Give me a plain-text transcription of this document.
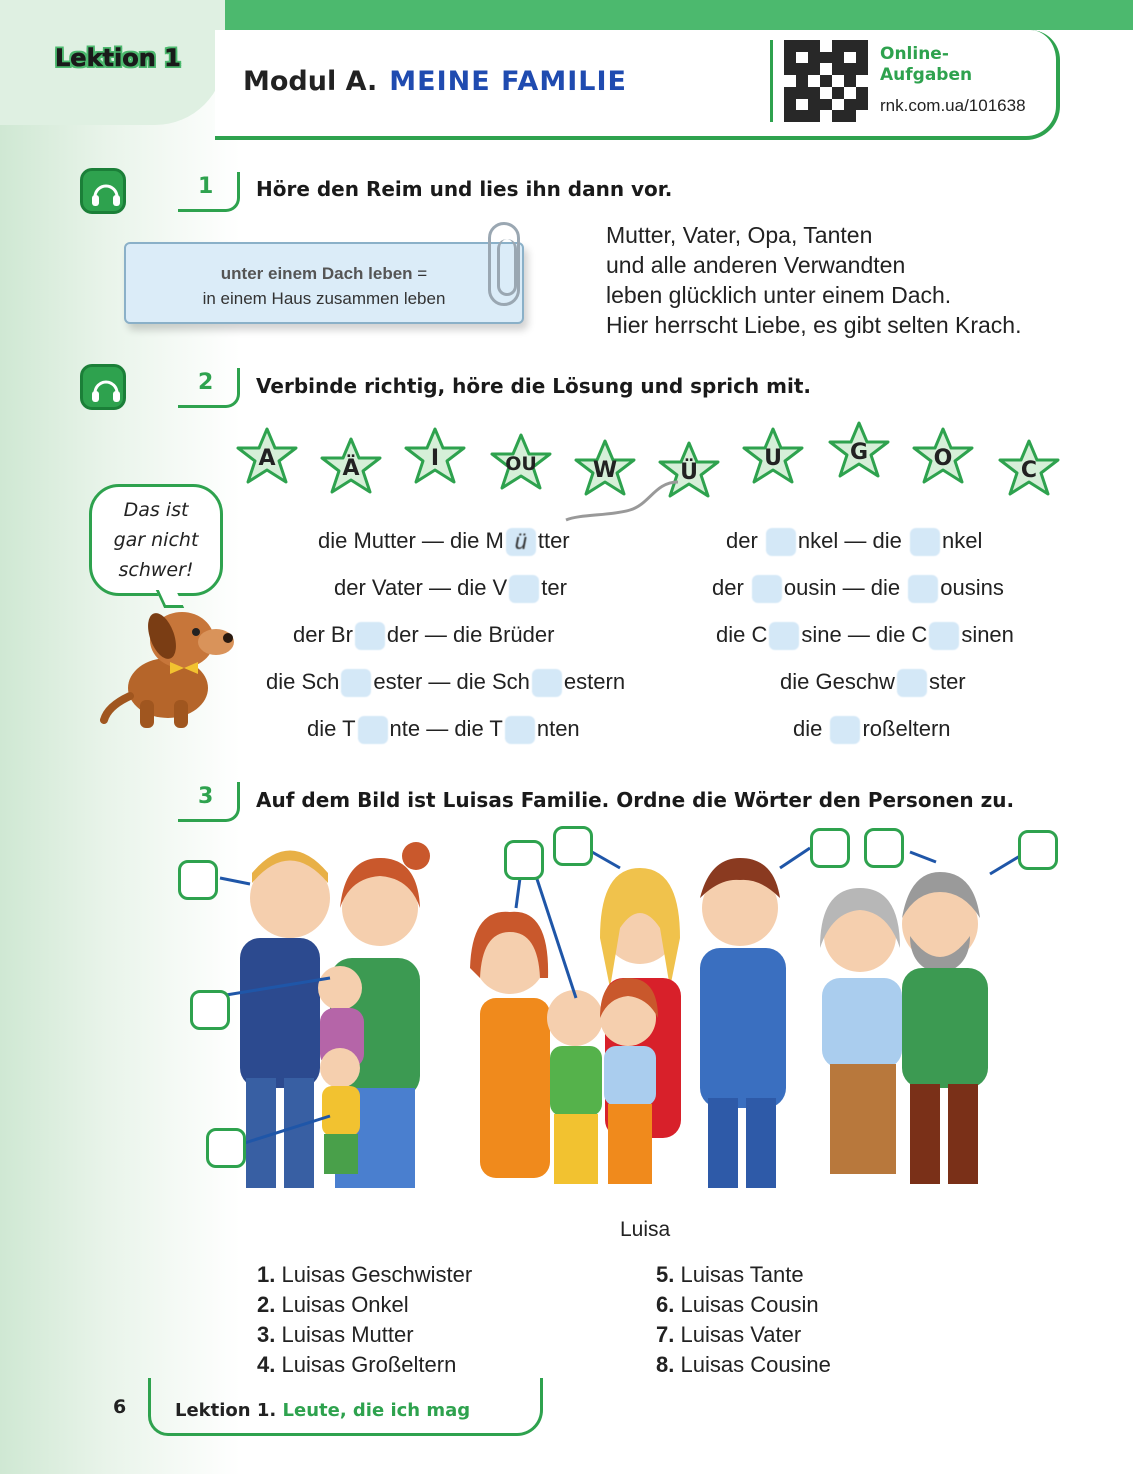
Lektion 1
Modul A. MEINE FAMILIE
Online-
Aufgaben
rnk.com.ua/101638
1 Höre den Reim und lies ihn dann vor.
unter einem Dach leben =
in einem Haus zusammen leben
Mutter, Vater, Opa, Tanten
und alle anderen Verwandten
leben glücklich unter einem Dach.
Hier herrscht Liebe, es gibt selten Krach.
2 Verbinde richtig, höre die Lösung und sprich mit.
A	Ä	I	OU	W	Ü
U	G	O	C
Das ist
gar nicht
schwer!
die Mutter — die M ü tter
der Vater — die V ter
der Br der — die Brüder
die Sch ester — die Sch estern
die T nte — die T nten
der nkel — die nkel
der ousin — die ousins
die C sine — die C sinen
die Geschw ster
die roßeltern
3 Auf dem Bild ist Luisas Familie. Ordne die Wörter den Personen zu.
Luisa
1. Luisas Geschwister
2. Luisas Onkel
3. Luisas Mutter
4. Luisas Großeltern
5. Luisas Tante
6. Luisas Cousin
7. Luisas Vater
8. Luisas Cousine
6	Lektion 1. Leute, die ich mag
